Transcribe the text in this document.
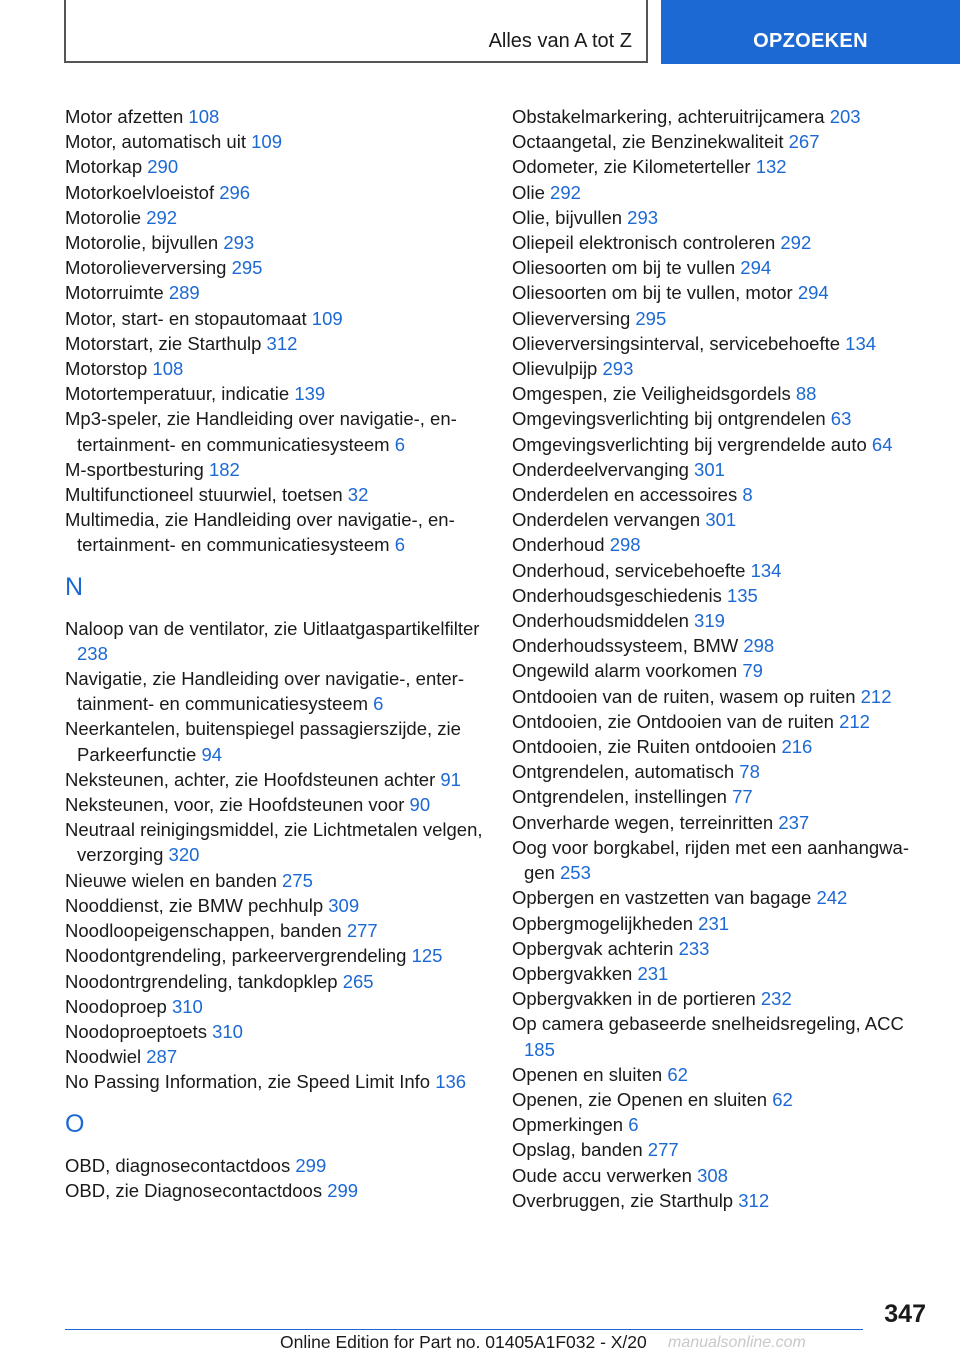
Alles van A tot Z	OPZOEKEN
Motor afzetten 108
Motor, automatisch uit 109
Motorkap 290
Motorkoelvloeistof 296
Motorolie 292
Motorolie, bijvullen 293
Motorolieverversing 295
Motorruimte 289
Motor, start- en stopautomaat 109
Motorstart, zie Starthulp 312
Motorstop 108
Motortemperatuur, indicatie 139
Mp3-speler, zie Handleiding over navigatie-, entertainment- en communicatiesysteem 6
M-sportbesturing 182
Multifunctioneel stuurwiel, toetsen 32
Multimedia, zie Handleiding over navigatie-, entertainment- en communicatiesysteem 6
N
Naloop van de ventilator, zie Uitlaatgaspartikelfilter 238
Navigatie, zie Handleiding over navigatie-, entertainment- en communicatiesysteem 6
Neerkantelen, buitenspiegel passagierszijde, zie Parkeerfunctie 94
Neksteunen, achter, zie Hoofdsteunen achter 91
Neksteunen, voor, zie Hoofdsteunen voor 90
Neutraal reinigingsmiddel, zie Lichtmetalen velgen, verzorging 320
Nieuwe wielen en banden 275
Nooddienst, zie BMW pechhulp 309
Noodloopeigenschappen, banden 277
Noodontgrendeling, parkeervergrendeling 125
Noodontrgrendeling, tankdopklep 265
Noodoproep 310
Noodoproeptoets 310
Noodwiel 287
No Passing Information, zie Speed Limit Info 136
O
OBD, diagnosecontactdoos 299
OBD, zie Diagnosecontactdoos 299
Obstakelmarkering, achteruitrijcamera 203
Octaangetal, zie Benzinekwaliteit 267
Odometer, zie Kilometerteller 132
Olie 292
Olie, bijvullen 293
Oliepeil elektronisch controleren 292
Oliesoorten om bij te vullen 294
Oliesoorten om bij te vullen, motor 294
Olieverversing 295
Olieverversingsinterval, servicebehoefte 134
Olievulpijp 293
Omgespen, zie Veiligheidsgordels 88
Omgevingsverlichting bij ontgrendelen 63
Omgevingsverlichting bij vergrendelde auto 64
Onderdeelvervanging 301
Onderdelen en accessoires 8
Onderdelen vervangen 301
Onderhoud 298
Onderhoud, servicebehoefte 134
Onderhoudsgeschiedenis 135
Onderhoudsmiddelen 319
Onderhoudssysteem, BMW 298
Ongewild alarm voorkomen 79
Ontdooien van de ruiten, wasem op ruiten 212
Ontdooien, zie Ontdooien van de ruiten 212
Ontdooien, zie Ruiten ontdooien 216
Ontgrendelen, automatisch 78
Ontgrendelen, instellingen 77
Onverharde wegen, terreinritten 237
Oog voor borgkabel, rijden met een aanhangwagen 253
Opbergen en vastzetten van bagage 242
Opbergmogelijkheden 231
Opbergvak achterin 233
Opbergvakken 231
Opbergvakken in de portieren 232
Op camera gebaseerde snelheidsregeling, ACC 185
Openen en sluiten 62
Openen, zie Openen en sluiten 62
Opmerkingen 6
Opslag, banden 277
Oude accu verwerken 308
Overbruggen, zie Starthulp 312
347
Online Edition for Part no. 01405A1F032 - X/20 manualsonline.com
